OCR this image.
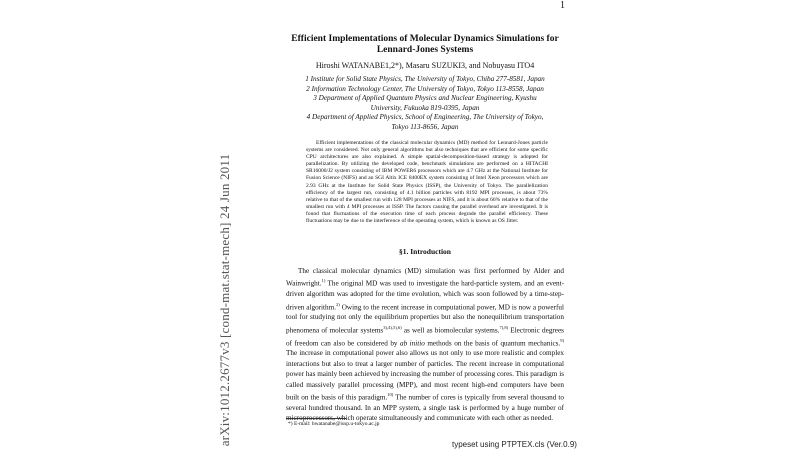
1
arXiv:1012.2677v3 [cond-mat.stat-mech] 24 Jun 2011
Efficient Implementations of Molecular Dynamics Simulations for Lennard-Jones Systems
Hiroshi WATANABE1,2*), Masaru SUZUKI3, and Nobuyasu ITO4
1 Institute for Solid State Physics, The University of Tokyo, Chiba 277-8581, Japan
2 Information Technology Center, The University of Tokyo, Tokyo 113-8558, Japan
3 Department of Applied Quantum Physics and Nuclear Engineering, Kyushu
University, Fukuoka 819-0395, Japan
4 Department of Applied Physics, School of Engineering, The University of Tokyo,
Tokyo 113-8656, Japan
Efficient implementations of the classical molecular dynamics (MD) method for Lennard-Jones particle systems are considered. Not only general algorithms but also techniques that are efficient for some specific CPU architectures are also explained. A simple spatial-decomposition-based strategy is adopted for parallelization. By utilizing the developed code, benchmark simulations are performed on a HITACHI SR16000/J2 system consisting of IBM POWER6 processors which are 4.7 GHz at the National Institute for Fusion Science (NIFS) and an SGI Altix ICE 8400EX system consisting of Intel Xeon processors which are 2.93 GHz at the Institute for Solid State Physics (ISSP), the University of Tokyo. The parallelization efficiency of the largest run, consisting of 4.1 billion particles with 8192 MPI processes, is about 73% relative to that of the smallest run with 128 MPI processes at NIFS, and it is about 66% relative to that of the smallest run with 4 MPI processes at ISSP. The factors causing the parallel overhead are investigated. It is found that fluctuations of the execution time of each process degrade the parallel efficiency. These fluctuations may be due to the interference of the operating system, which is known as OS Jitter.
§1. Introduction
The classical molecular dynamics (MD) simulation was first performed by Alder and Wainwright.$^{1)}$ The original MD was used to investigate the hard-particle system, and an event-driven algorithm was adopted for the time evolution, which was soon followed by a time-step-driven algorithm.$^{2)}$ Owing to the recent increase in computational power, MD is now a powerful tool for studying not only the equilibrium properties but also the nonequilibrium transportation phenomena of molecular systems$^{3),4),5),6)}$ as well as biomolecular systems.$^{7),8)}$ Electronic degrees of freedom can also be considered by ab initio methods on the basis of quantum mechanics.$^{9)}$ The increase in computational power also allows us not only to use more realistic and complex interactions but also to treat a larger number of particles. The recent increase in computational power has mainly been achieved by increasing the number of processing cores. This paradigm is called massively parallel processing (MPP), and most recent high-end computers have been built on the basis of this paradigm.$^{10)}$ The number of cores is typically from several thousand to several hundred thousand. In an MPP system, a single task is performed by a huge number of microprocessors, which operate simultaneously and communicate with each other as needed.
*) E-mail: hwatanabe@issp.u-tokyo.ac.jp
typeset using PTPTEX.cls (Ver.0.9)
